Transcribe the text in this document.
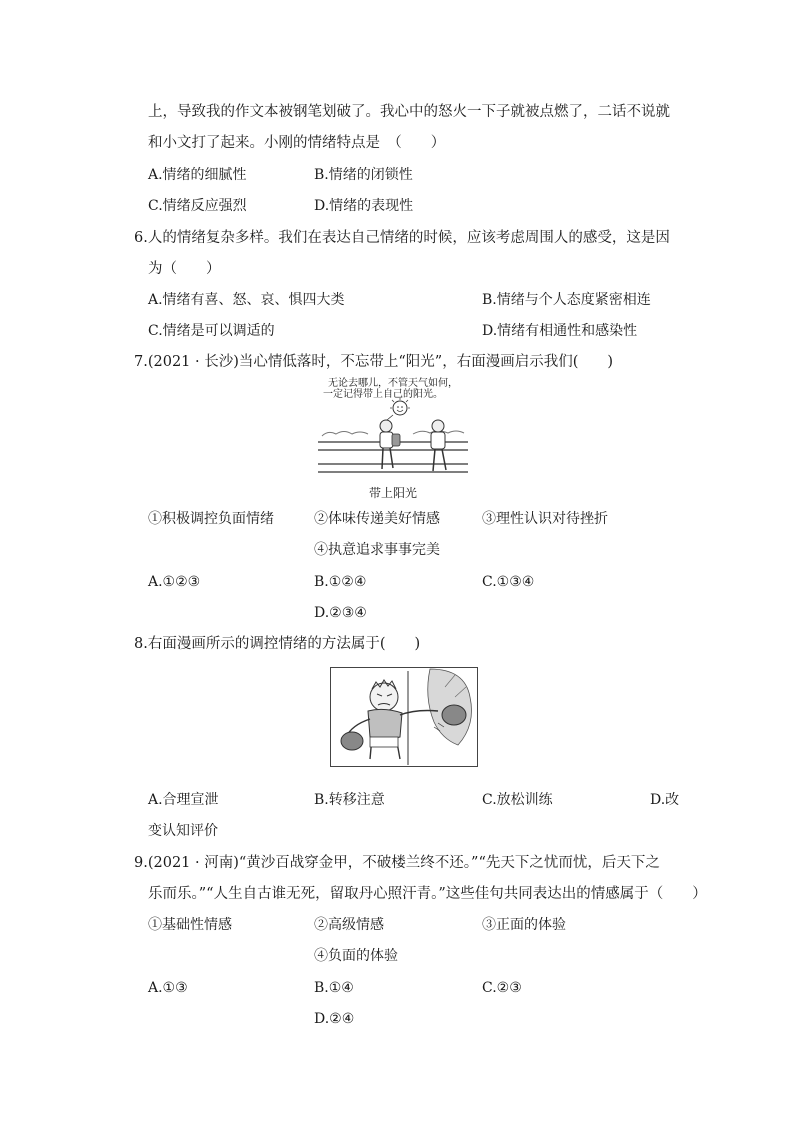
上，导致我的作文本被钢笔划破了。我心中的怒火一下子就被点燃了，二话不说就
和小文打了起来。小刚的情绪特点是　（　　）
A.情绪的细腻性	B.情绪的闭锁性
C.情绪反应强烈	D.情绪的表现性
6.人的情绪复杂多样。我们在表达自己情绪的时候，应该考虑周围人的感受，这是因
为（　　）
A.情绪有喜、怒、哀、惧四大类	B.情绪与个人态度紧密相连
C.情绪是可以调适的	D.情绪有相通性和感染性
7.(2021 · 长沙)当心情低落时，不忘带上“阳光”，右面漫画启示我们(　　)
无论去哪儿，不管天气如何，
一定记得带上自己的阳光。
带上阳光
①积极调控负面情绪	②体味传递美好情感	③理性认识对待挫折
④执意追求事事完美
A.①②③	B.①②④	C.①③④
D.②③④
8.右面漫画所示的调控情绪的方法属于(　　)
A.合理宣泄	B.转移注意	C.放松训练	D.改
变认知评价
9.(2021 · 河南)“黄沙百战穿金甲，不破楼兰终不还。”“先天下之忧而忧，后天下之
乐而乐。”“人生自古谁无死，留取丹心照汗青。”这些佳句共同表达出的情感属于（　　）
①基础性情感	②高级情感	③正面的体验
④负面的体验
A.①③	B.①④	C.②③
D.②④
